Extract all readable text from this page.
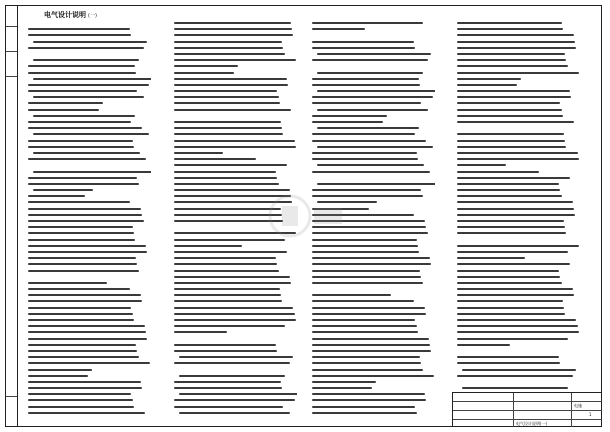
电气设计说明 (一)
电施
1
电气设计说明(一)
